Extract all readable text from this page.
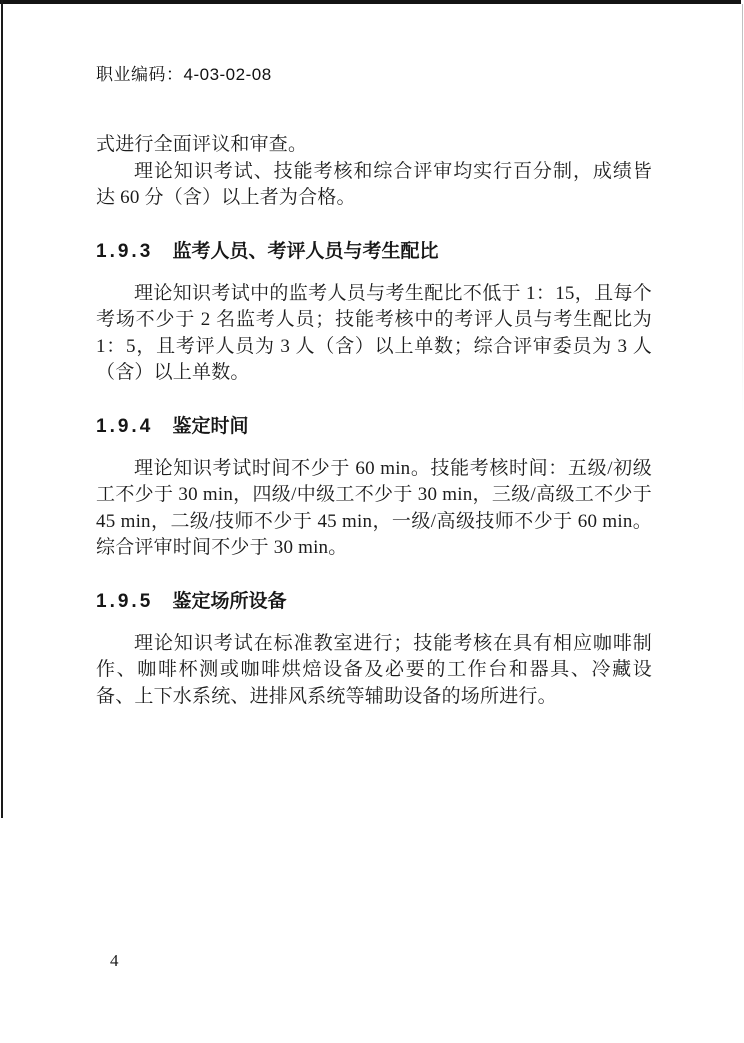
职业编码：4-03-02-08

式进行全面评议和审查。

理论知识考试、技能考核和综合评审均实行百分制，成绩皆达 60 分（含）以上者为合格。

1.9.3 监考人员、考评人员与考生配比

理论知识考试中的监考人员与考生配比不低于 1：15，且每个考场不少于 2 名监考人员；技能考核中的考评人员与考生配比为 1：5，且考评人员为 3 人（含）以上单数；综合评审委员为 3 人（含）以上单数。

1.9.4 鉴定时间

理论知识考试时间不少于 60 min。技能考核时间：五级/初级工不少于 30 min，四级/中级工不少于 30 min，三级/高级工不少于 45 min，二级/技师不少于 45 min，一级/高级技师不少于 60 min。综合评审时间不少于 30 min。

1.9.5 鉴定场所设备

理论知识考试在标准教室进行；技能考核在具有相应咖啡制作、咖啡杯测或咖啡烘焙设备及必要的工作台和器具、冷藏设备、上下水系统、进排风系统等辅助设备的场所进行。

4
